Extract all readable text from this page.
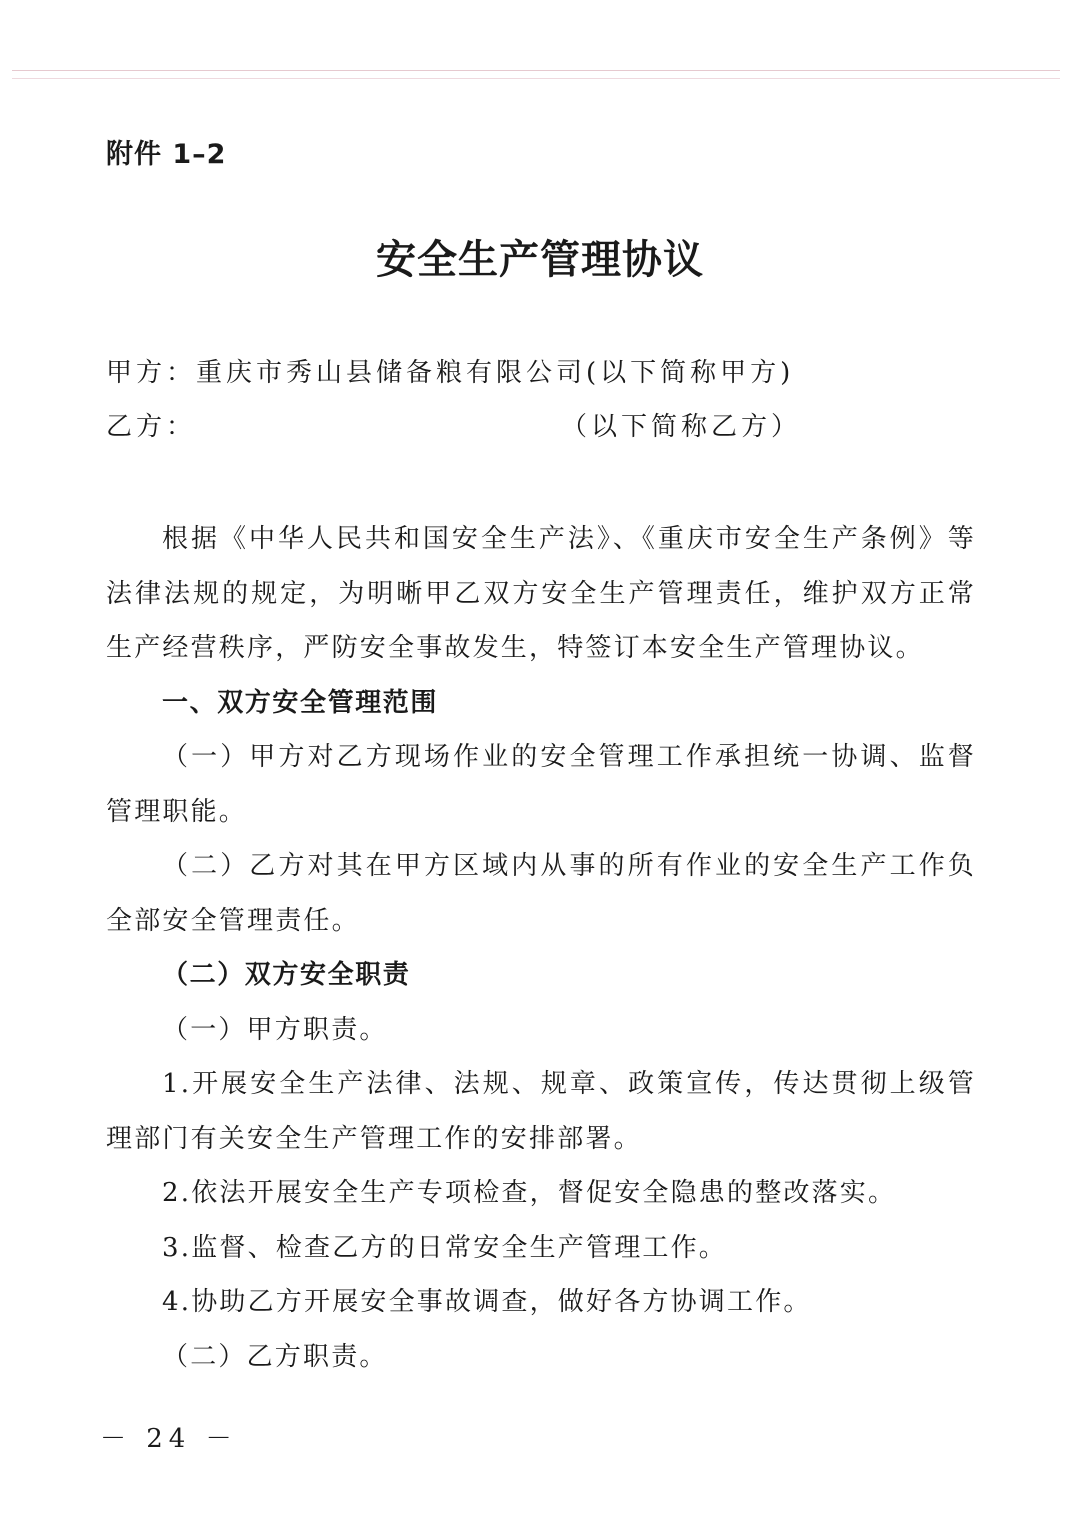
附件 1–2
安全生产管理协议
甲方：重庆市秀山县储备粮有限公司(以下简称甲方)
乙方：	（以下简称乙方）

根据《中华人民共和国安全生产法》、《重庆市安全生产条例》等法律法规的规定，为明晰甲乙双方安全生产管理责任，维护双方正常生产经营秩序，严防安全事故发生，特签订本安全生产管理协议。

一、双方安全管理范围

（一）甲方对乙方现场作业的安全管理工作承担统一协调、监督管理职能。

（二）乙方对其在甲方区域内从事的所有作业的安全生产工作负全部安全管理责任。

（二）双方安全职责

（一）甲方职责。

1.开展安全生产法律、法规、规章、政策宣传，传达贯彻上级管理部门有关安全生产管理工作的安排部署。

2.依法开展安全生产专项检查，督促安全隐患的整改落实。

3.监督、检查乙方的日常安全生产管理工作。

4.协助乙方开展安全事故调查，做好各方协调工作。

（二）乙方职责。

－ 24 －
